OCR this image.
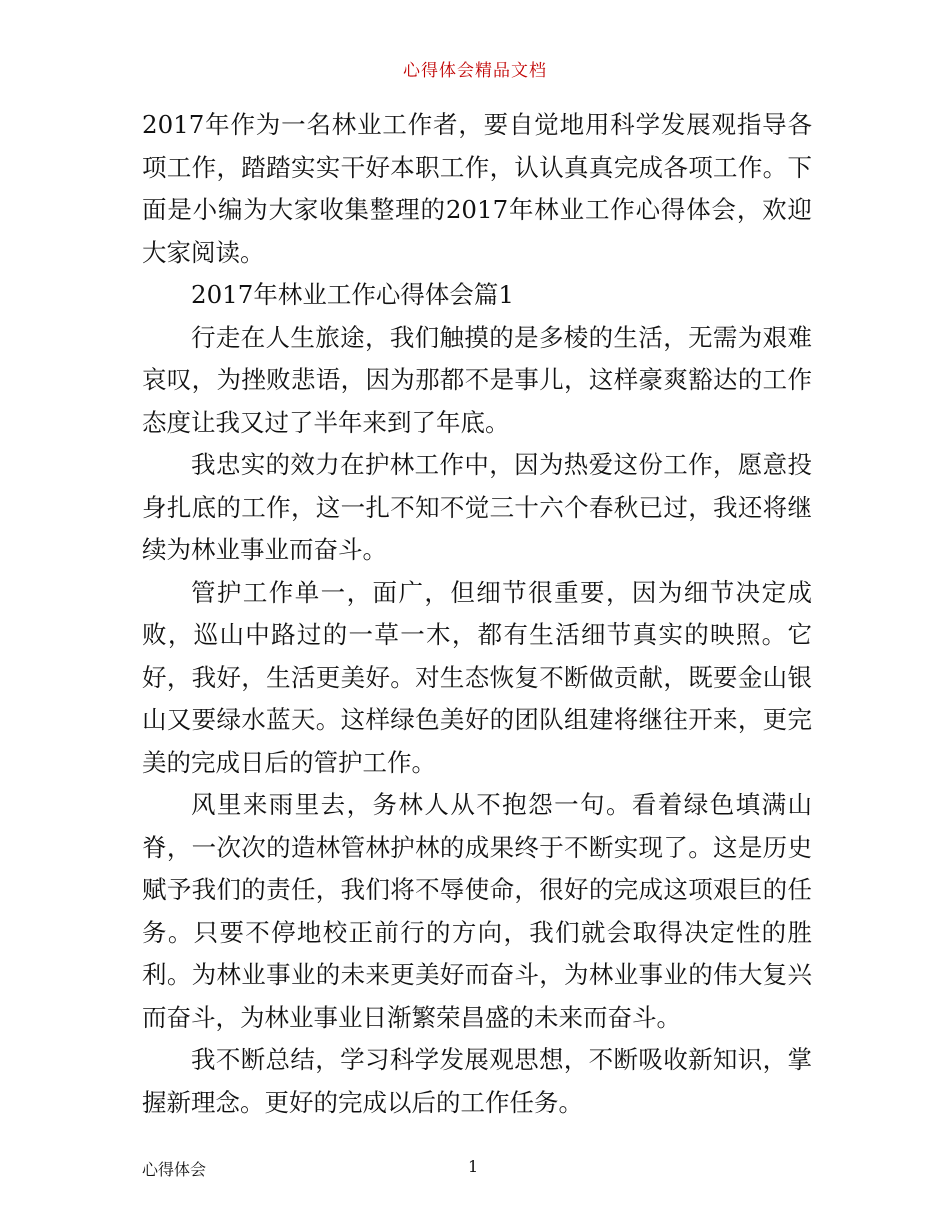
心得体会精品文档

2017年作为一名林业工作者，要自觉地用科学发展观指导各项工作，踏踏实实干好本职工作，认认真真完成各项工作。下面是小编为大家收集整理的2017年林业工作心得体会，欢迎大家阅读。

2017年林业工作心得体会篇1

行走在人生旅途，我们触摸的是多棱的生活，无需为艰难哀叹，为挫败悲语，因为那都不是事儿，这样豪爽豁达的工作态度让我又过了半年来到了年底。

我忠实的效力在护林工作中，因为热爱这份工作，愿意投身扎底的工作，这一扎不知不觉三十六个春秋已过，我还将继续为林业事业而奋斗。

管护工作单一，面广，但细节很重要，因为细节决定成败，巡山中路过的一草一木，都有生活细节真实的映照。它好，我好，生活更美好。对生态恢复不断做贡献，既要金山银山又要绿水蓝天。这样绿色美好的团队组建将继往开来，更完美的完成日后的管护工作。

风里来雨里去，务林人从不抱怨一句。看着绿色填满山脊，一次次的造林管林护林的成果终于不断实现了。这是历史赋予我们的责任，我们将不辱使命，很好的完成这项艰巨的任务。只要不停地校正前行的方向，我们就会取得决定性的胜利。为林业事业的未来更美好而奋斗，为林业事业的伟大复兴而奋斗，为林业事业日渐繁荣昌盛的未来而奋斗。

我不断总结，学习科学发展观思想，不断吸收新知识，掌握新理念。更好的完成以后的工作任务。

心得体会	1
